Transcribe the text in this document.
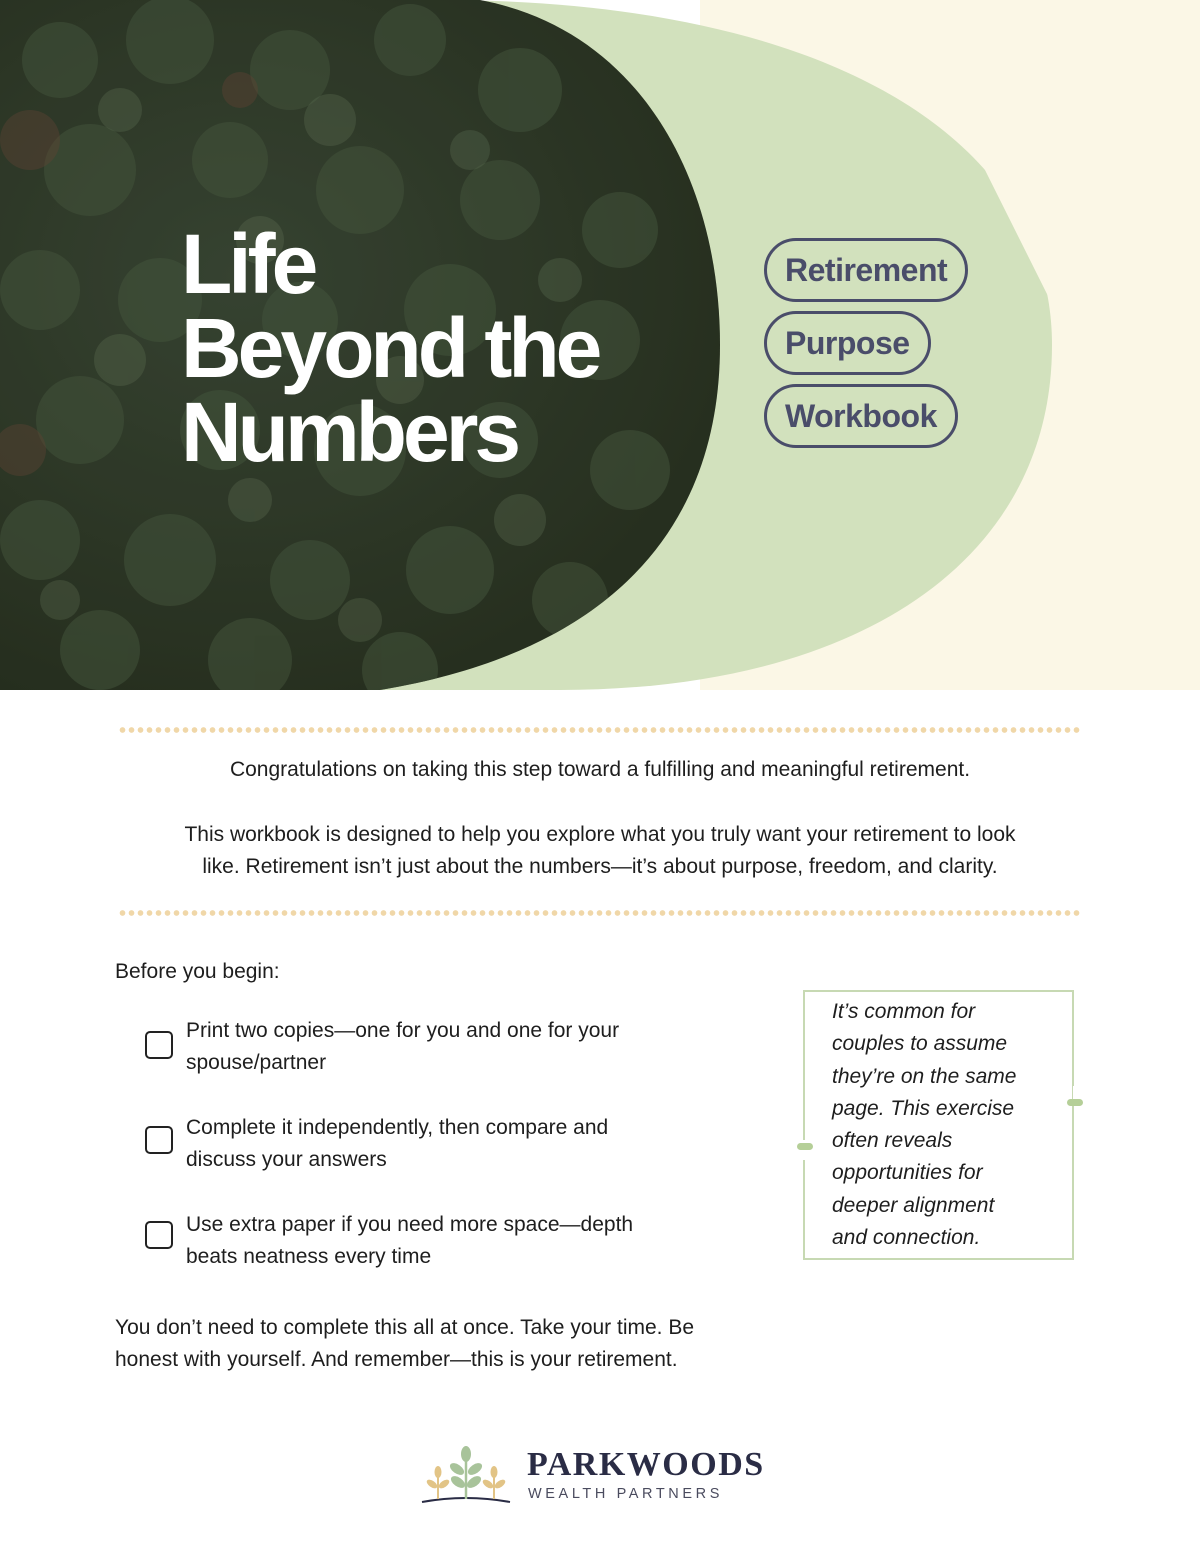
Life
Beyond the
Numbers
Retirement
Purpose
Workbook

Congratulations on taking this step toward a fulfilling and meaningful retirement.

This workbook is designed to help you explore what you truly want your retirement to look
like. Retirement isn’t just about the numbers—it’s about purpose, freedom, and clarity.
Before you begin:
Print two copies—one for you and one for your
spouse/partner
Complete it independently, then compare and
discuss your answers
Use extra paper if you need more space—depth
beats neatness every time
It’s common for
couples to assume
they’re on the same
page. This exercise
often reveals
opportunities for
deeper alignment
and connection.
You don’t need to complete this all at once. Take your time. Be
honest with yourself. And remember—this is your retirement.
PARKWOODS
WEALTH PARTNERS
